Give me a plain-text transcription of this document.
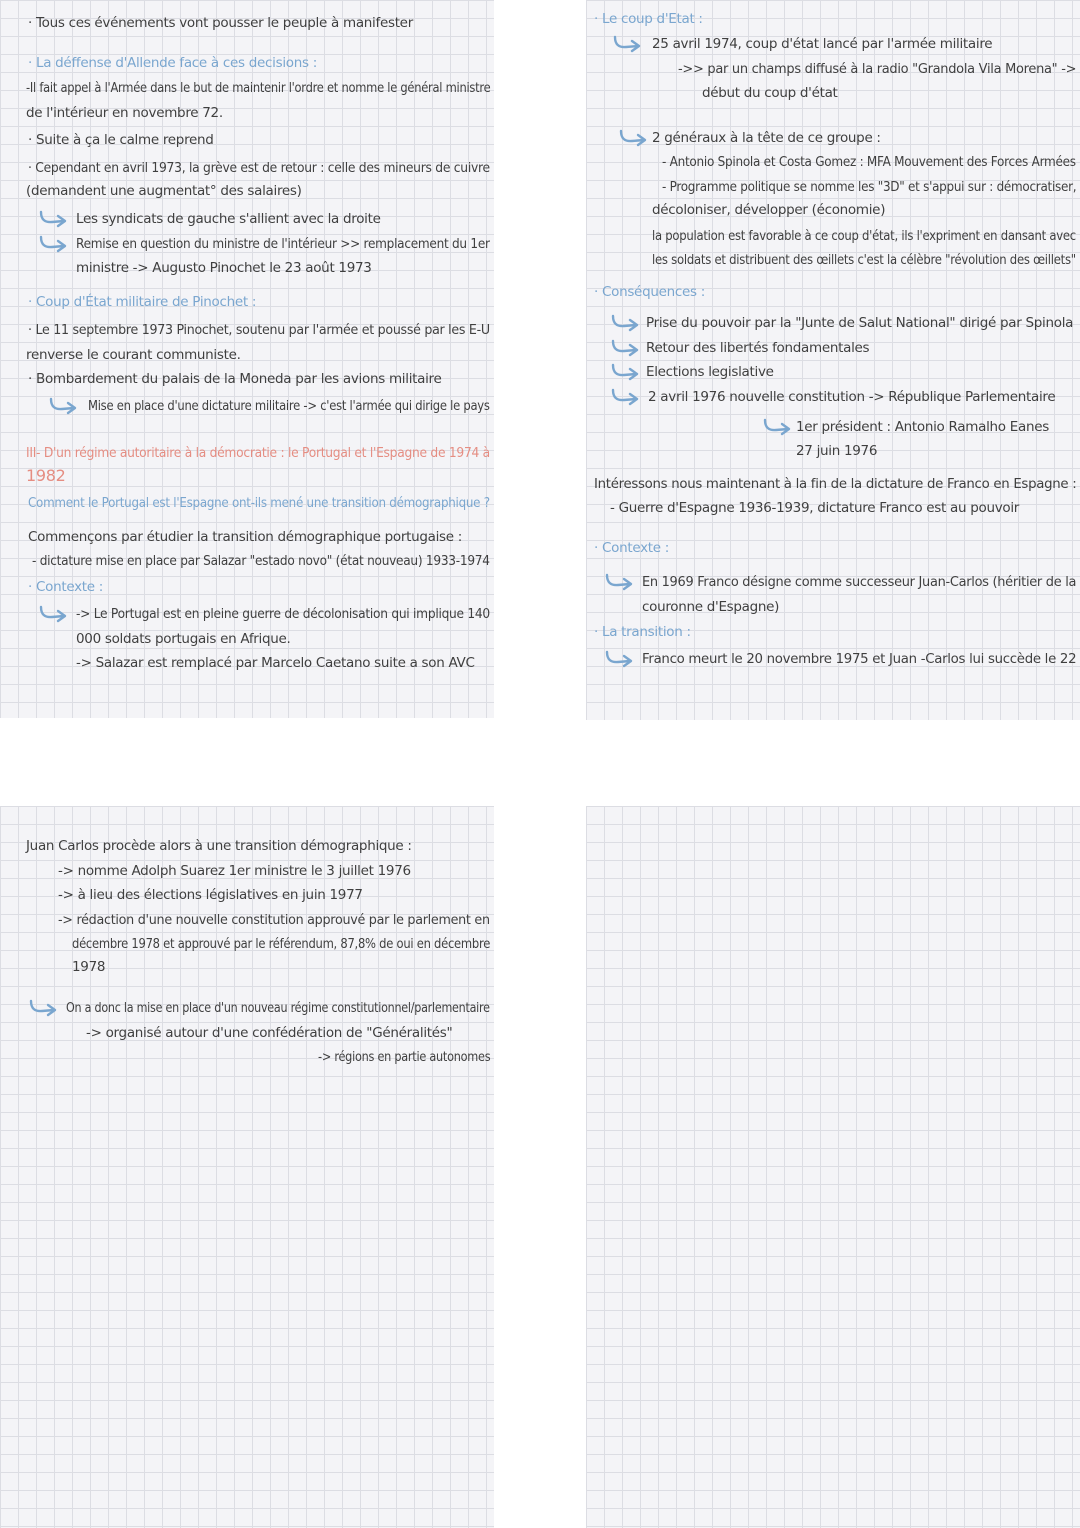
· Tous ces événements vont pousser le peuple à manifester
· La déffense d'Allende face à ces decisions :
-Il fait appel à l'Armée dans le but de maintenir l'ordre et nomme le général ministre
de l'intérieur en novembre 72.
· Suite à ça le calme reprend
· Cependant en avril 1973, la grève est de retour : celle des mineurs de cuivre
(demandent une augmentat° des salaires)
Les syndicats de gauche s'allient avec la droite
Remise en question du ministre de l'intérieur >> remplacement du 1er
ministre -> Augusto Pinochet le 23 août 1973
· Coup d'État militaire de Pinochet :
· Le 11 septembre 1973 Pinochet, soutenu par l'armée et poussé par les E-U
renverse le courant communiste.
· Bombardement du palais de la Moneda par les avions militaire
Mise en place d'une dictature militaire -> c'est l'armée qui dirige le pays
III- D'un régime autoritaire à la démocratie : le Portugal et l'Espagne de 1974 à
1982
Comment le Portugal est l'Espagne ont-ils mené une transition démographique ?
Commençons par étudier la transition démographique portugaise :
- dictature mise en place par Salazar "estado novo" (état nouveau) 1933-1974
· Contexte :
-> Le Portugal est en pleine guerre de décolonisation qui implique 140
000 soldats portugais en Afrique.
-> Salazar est remplacé par Marcelo Caetano suite a son AVC
· Le coup d'Etat :
25 avril 1974, coup d'état lancé par l'armée militaire
->> par un champs diffusé à la radio "Grandola Vila Morena" ->
début du coup d'état
2 généraux à la tête de ce groupe :
- Antonio Spinola et Costa Gomez : MFA Mouvement des Forces Armées
- Programme politique se nomme les "3D" et s'appui sur : démocratiser,
décoloniser, développer (économie)
la population est favorable à ce coup d'état, ils l'expriment en dansant avec
les soldats et distribuent des œillets c'est la célèbre "révolution des œillets"
· Conséquences :
Prise du pouvoir par la "Junte de Salut National" dirigé par Spinola
Retour des libertés fondamentales
Elections legislative
2 avril 1976 nouvelle constitution -> République Parlementaire
1er président : Antonio Ramalho Eanes
27 juin 1976
Intéressons nous maintenant à la fin de la dictature de Franco en Espagne :
- Guerre d'Espagne 1936-1939, dictature Franco est au pouvoir
· Contexte :
En 1969 Franco désigne comme successeur Juan-Carlos (héritier de la
couronne d'Espagne)
· La transition :
Franco meurt le 20 novembre 1975 et Juan -Carlos lui succède le 22
Juan Carlos procède alors à une transition démographique :
-> nomme Adolph Suarez 1er ministre le 3 juillet 1976
-> à lieu des élections législatives en juin 1977
-> rédaction d'une nouvelle constitution approuvé par le parlement en
décembre 1978 et approuvé par le référendum, 87,8% de oui en décembre
1978
On a donc la mise en place d'un nouveau régime constitutionnel/parlementaire
-> organisé autour d'une confédération de "Généralités"
-> régions en partie autonomes
